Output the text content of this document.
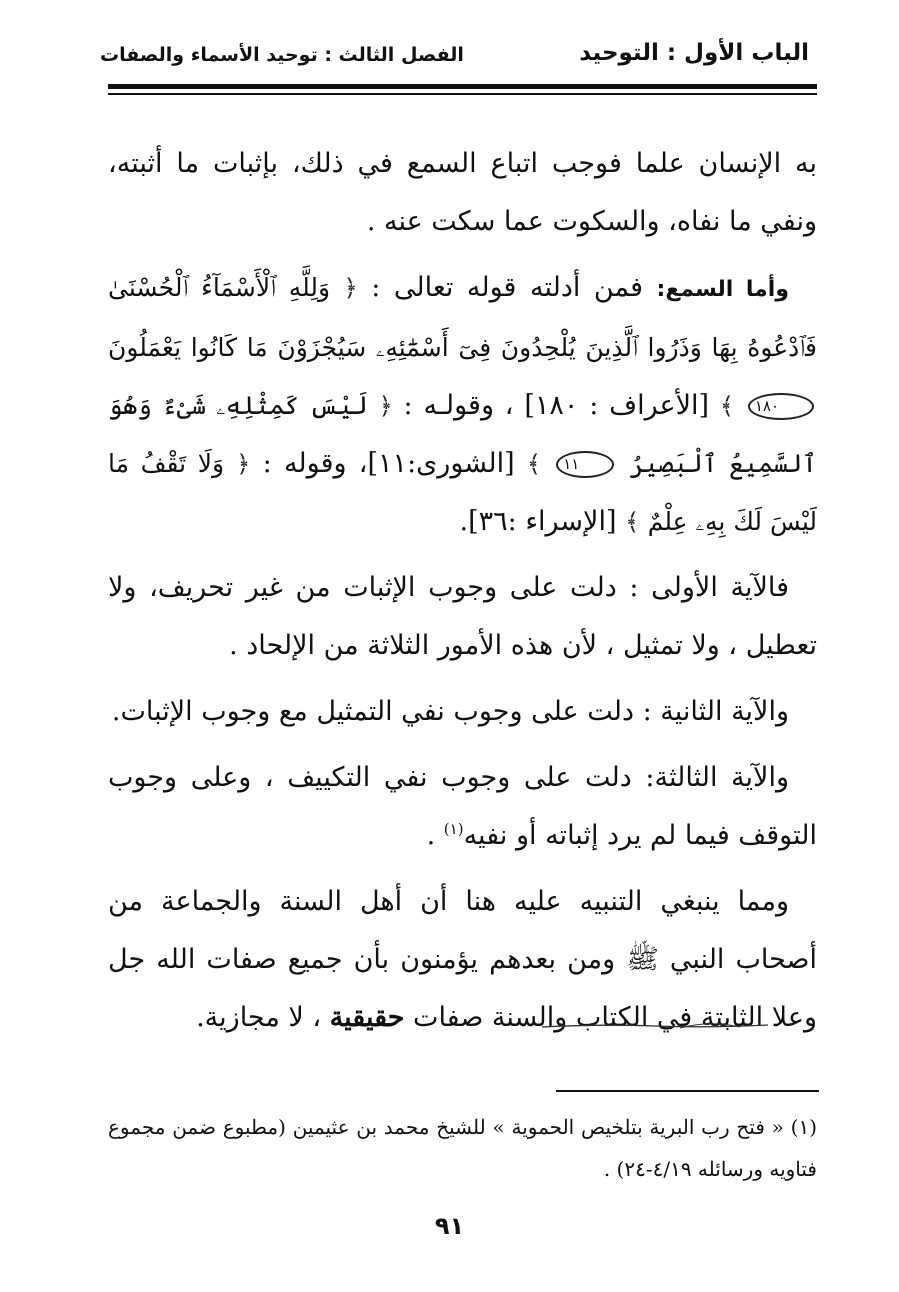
الباب الأول : التوحيد
الفصل الثالث : توحيد الأسماء والصفات

به الإنسان علما فوجب اتباع السمع في ذلك، بإثبات ما أثبته، ونفي ما نفاه، والسكوت عما سكت عنه .

وأما السمع: فمن أدلته قوله تعالى : ﴿ وَلِلَّهِ ٱلْأَسْمَآءُ ٱلْحُسْنَىٰ فَٱدْعُوهُ بِهَا وَذَرُوا ٱلَّذِينَ يُلْحِدُونَ فِىٓ أَسْمَٰٓئِهِۦ سَيُجْزَوْنَ مَا كَانُوا يَعْمَلُونَ ١٨٠ ﴾ [الأعراف : ١٨٠] ، وقولـه : ﴿ لَيْسَ كَمِثْلِهِۦ شَىْءٌ وَهُوَ ٱلسَّمِيعُ ٱلْبَصِيرُ ١١ ﴾ [الشورى:١١]، وقوله : ﴿ وَلَا تَقْفُ مَا لَيْسَ لَكَ بِهِۦ عِلْمٌ ﴾ [الإسراء :٣٦].

فالآية الأولى : دلت على وجوب الإثبات من غير تحريف، ولا تعطيل ، ولا تمثيل ، لأن هذه الأمور الثلاثة من الإلحاد .

والآية الثانية : دلت على وجوب نفي التمثيل مع وجوب الإثبات.

والآية الثالثة: دلت على وجوب نفي التكييف ، وعلى وجوب التوقف فيما لم يرد إثباته أو نفيه$^{(١)}$ .

ومما ينبغي التنبيه عليه هنا أن أهل السنة والجماعة من أصحاب النبي ﷺ ومن بعدهم يؤمنون بأن جميع صفات الله جل وعلا الثابتة في الكتاب والسنة صفات حقيقية ، لا مجازية.

(١) « فتح رب البرية بتلخيص الحموية » للشيخ محمد بن عثيمين (مطبوع ضمن مجموع فتاويه ورسائله ٤/١٩-٢٤) .

٩١
